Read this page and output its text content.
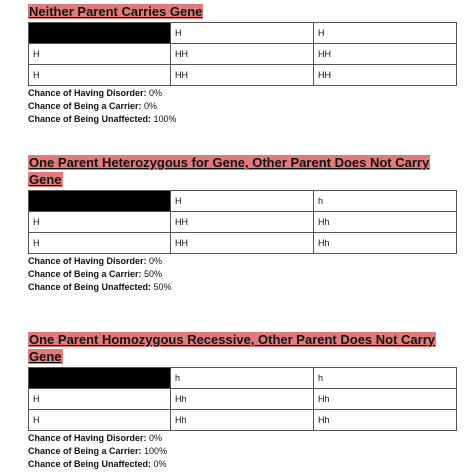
Neither Parent Carries Gene

	H	H
H	HH	HH
H	HH	HH
Chance of Having Disorder: 0%
Chance of Being a Carrier: 0%
Chance of Being Unaffected: 100%

One Parent Heterozygous for Gene, Other Parent Does Not Carry Gene

	H	h
H	HH	Hh
H	HH	Hh
Chance of Having Disorder: 0%
Chance of Being a Carrier: 50%
Chance of Being Unaffected: 50%

One Parent Homozygous Recessive, Other Parent Does Not Carry Gene

	h	h
H	Hh	Hh
H	Hh	Hh
Chance of Having Disorder: 0%
Chance of Being a Carrier: 100%
Chance of Being Unaffected: 0%
